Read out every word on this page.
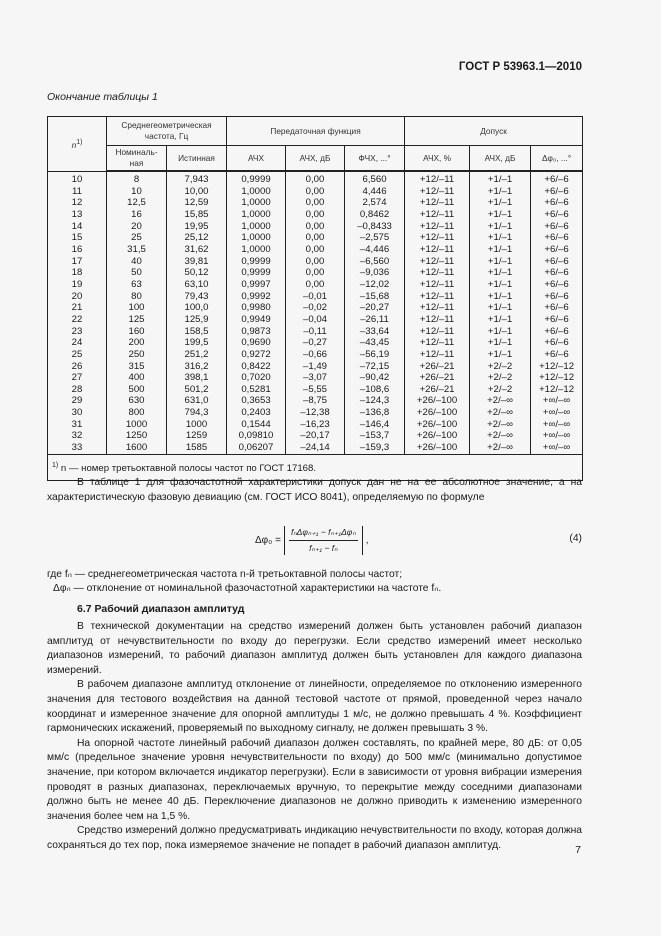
ГОСТ Р 53963.1—2010
Окончание таблицы 1
$n^{1)}$	Среднегеометрическая частота, Гц		Передаточная функция			Допуск		
	Номиналь-ная	Истинная	АЧХ	АЧХ, дБ	ФЧХ, ...°	АЧХ, %	АЧХ, дБ	Δφ₀, ...°
10	8	7,943	0,9999	0,00	6,560	+12/–11	+1/–1	+6/–6
11	10	10,00	1,0000	0,00	4,446	+12/–11	+1/–1	+6/–6
12	12,5	12,59	1,0000	0,00	2,574	+12/–11	+1/–1	+6/–6
13	16	15,85	1,0000	0,00	0,8462	+12/–11	+1/–1	+6/–6
14	20	19,95	1,0000	0,00	–0,8433	+12/–11	+1/–1	+6/–6
15	25	25,12	1,0000	0,00	–2,575	+12/–11	+1/–1	+6/–6
16	31,5	31,62	1,0000	0,00	–4,446	+12/–11	+1/–1	+6/–6
17	40	39,81	0,9999	0,00	–6,560	+12/–11	+1/–1	+6/–6
18	50	50,12	0,9999	0,00	–9,036	+12/–11	+1/–1	+6/–6
19	63	63,10	0,9997	0,00	–12,02	+12/–11	+1/–1	+6/–6
20	80	79,43	0,9992	–0,01	–15,68	+12/–11	+1/–1	+6/–6
21	100	100,0	0,9980	–0,02	–20,27	+12/–11	+1/–1	+6/–6
22	125	125,9	0,9949	–0,04	–26,11	+12/–11	+1/–1	+6/–6
23	160	158,5	0,9873	–0,11	–33,64	+12/–11	+1/–1	+6/–6
24	200	199,5	0,9690	–0,27	–43,45	+12/–11	+1/–1	+6/–6
25	250	251,2	0,9272	–0,66	–56,19	+12/–11	+1/–1	+6/–6
26	315	316,2	0,8422	–1,49	–72,15	+26/–21	+2/–2	+12/–12
27	400	398,1	0,7020	–3,07	–90,42	+26/–21	+2/–2	+12/–12
28	500	501,2	0,5281	–5,55	–108,6	+26/–21	+2/–2	+12/–12
29	630	631,0	0,3653	–8,75	–124,3	+26/–100	+2/–∞	+∞/–∞
30	800	794,3	0,2403	–12,38	–136,8	+26/–100	+2/–∞	+∞/–∞
31	1000	1000	0,1544	–16,23	–146,4	+26/–100	+2/–∞	+∞/–∞
32	1250	1259	0,09810	–20,17	–153,7	+26/–100	+2/–∞	+∞/–∞
33	1600	1585	0,06207	–24,14	–159,3	+26/–100	+2/–∞	+∞/–∞
$^{1)}$ n — номер третьоктавной полосы частот по ГОСТ 17168.								
В таблице 1 для фазочастотной характеристики допуск дан не на ее абсолютное значение, а на характеристическую фазовую девиацию (см. ГОСТ ИСО 8041), определяемую по формуле
$\Delta\varphi_0 = \frac{\text{fₙΔφₙ₊₁ − fₙ₊₁Δφₙ}}{\text{fₙ₊₁ − fₙ}}$ ,	(4)
где fₙ — среднегеометрическая частота n-й третьоктавной полосы частот;
Δφₙ — отклонение от номинальной фазочастотной характеристики на частоте fₙ.
6.7 Рабочий диапазон амплитуд
В технической документации на средство измерений должен быть установлен рабочий диапазон амплитуд от нечувствительности по входу до перегрузки. Если средство измерений имеет несколько диапазонов измерений, то рабочий диапазон амплитуд должен быть установлен для каждого диапазона измерений.
В рабочем диапазоне амплитуд отклонение от линейности, определяемое по отклонению измеренного значения для тестового воздействия на данной тестовой частоте от прямой, проведенной через начало координат и измеренное значение для опорной амплитуды 1 м/с, не должно превышать 4 %. Коэффициент гармонических искажений, проверяемый по выходному сигналу, не должен превышать 3 %.
На опорной частоте линейный рабочий диапазон должен составлять, по крайней мере, 80 дБ: от 0,05 мм/с (предельное значение уровня нечувствительности по входу) до 500 мм/с (минимально допустимое значение, при котором включается индикатор перегрузки). Если в зависимости от уровня вибрации измерения проводят в разных диапазонах, переключаемых вручную, то перекрытие между соседними диапазонами должно быть не менее 40 дБ. Переключение диапазонов не должно приводить к изменению измеренного значения более чем на 1,5 %.
Средство измерений должно предусматривать индикацию нечувствительности по входу, которая должна сохраняться до тех пор, пока измеряемое значение не попадет в рабочий диапазон амплитуд.	7
